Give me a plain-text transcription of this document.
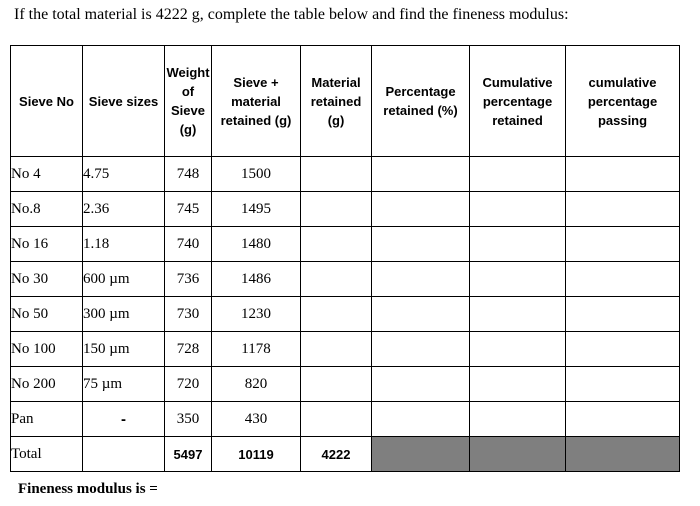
If the total material is 4222 g, complete the table below and find the fineness modulus:
Sieve No	Sieve sizes	Weight of Sieve (g)	Sieve + material retained (g)	Material retained (g)	Percentage retained (%)	Cumulative percentage retained	cumulative percentage passing
No 4	4.75	748	1500				
No.8	2.36	745	1495				
No 16	1.18	740	1480				
No 30	600 µm	736	1486				
No 50	300 µm	730	1230				
No 100	150 µm	728	1178				
No 200	75 µm	720	820				
Pan	-	350	430				
Total		5497	10119	4222			
Fineness modulus is =
